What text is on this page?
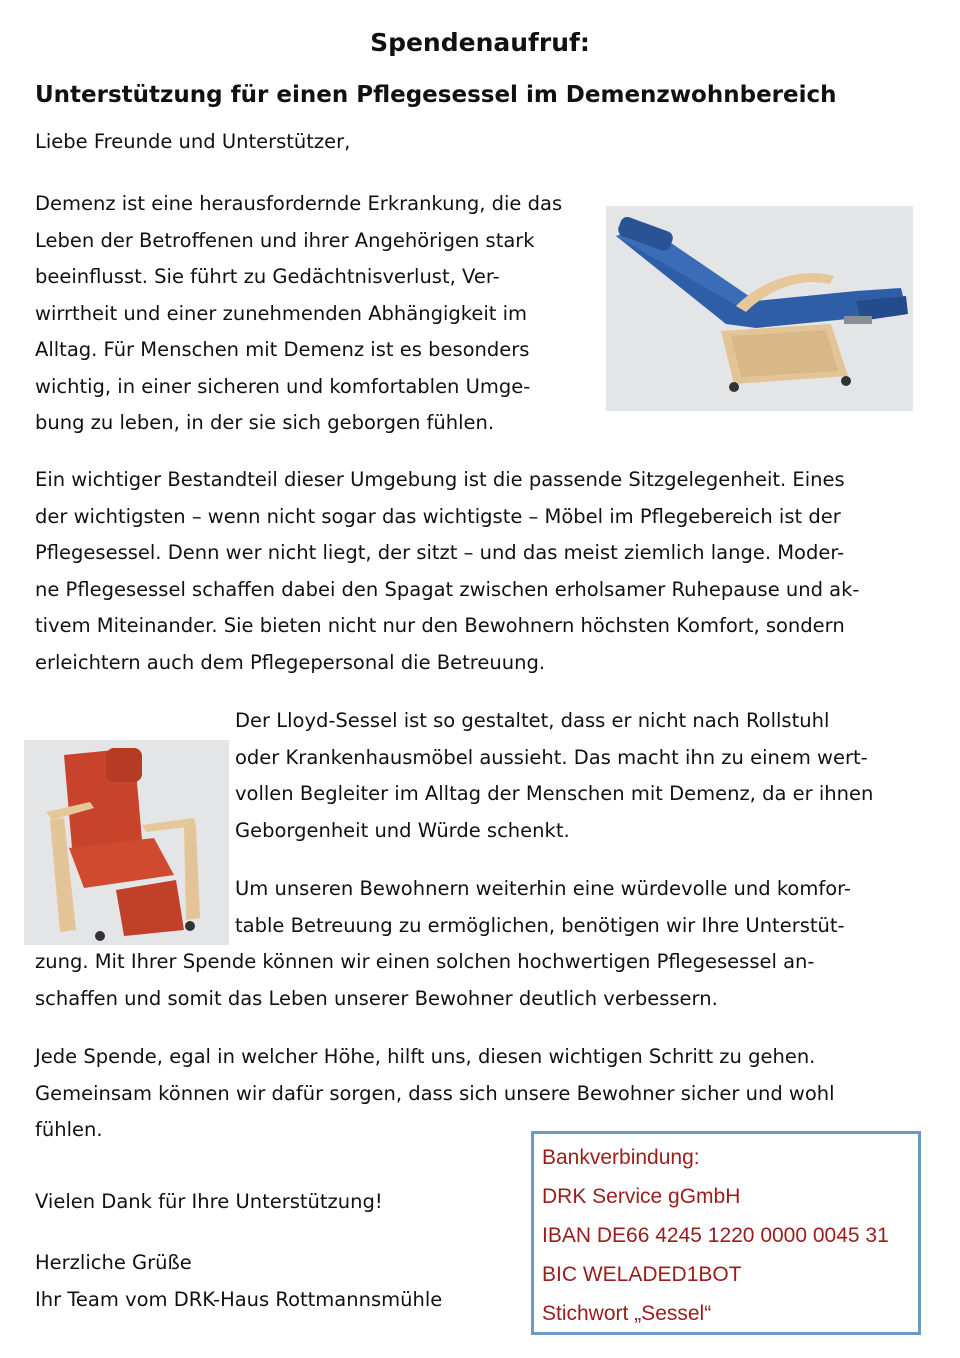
Spendenaufruf:
Unterstützung für einen Pflegesessel im Demenzwohnbereich
Liebe Freunde und Unterstützer,
Demenz ist eine herausfordernde Erkrankung, die das
Leben der Betroffenen und ihrer Angehörigen stark
beeinflusst. Sie führt zu Gedächtnisverlust, Ver-
wirrtheit und einer zunehmenden Abhängigkeit im
Alltag. Für Menschen mit Demenz ist es besonders
wichtig, in einer sicheren und komfortablen Umge-
bung zu leben, in der sie sich geborgen fühlen.
Ein wichtiger Bestandteil dieser Umgebung ist die passende Sitzgelegenheit. Eines
der wichtigsten – wenn nicht sogar das wichtigste – Möbel im Pflegebereich ist der
Pflegesessel. Denn wer nicht liegt, der sitzt – und das meist ziemlich lange. Moder-
ne Pflegesessel schaffen dabei den Spagat zwischen erholsamer Ruhepause und ak-
tivem Miteinander. Sie bieten nicht nur den Bewohnern höchsten Komfort, sondern
erleichtern auch dem Pflegepersonal die Betreuung.
Der Lloyd-Sessel ist so gestaltet, dass er nicht nach Rollstuhl
oder Krankenhausmöbel aussieht. Das macht ihn zu einem wert-
vollen Begleiter im Alltag der Menschen mit Demenz, da er ihnen
Geborgenheit und Würde schenkt.
Um unseren Bewohnern weiterhin eine würdevolle und komfor-
table Betreuung zu ermöglichen, benötigen wir Ihre Unterstüt-
zung. Mit Ihrer Spende können wir einen solchen hochwertigen Pflegesessel an-
schaffen und somit das Leben unserer Bewohner deutlich verbessern.
Jede Spende, egal in welcher Höhe, hilft uns, diesen wichtigen Schritt zu gehen.
Gemeinsam können wir dafür sorgen, dass sich unsere Bewohner sicher und wohl
fühlen.
Vielen Dank für Ihre Unterstützung!
Herzliche Grüße
Ihr Team vom DRK-Haus Rottmannsmühle
Bankverbindung:
DRK Service gGmbH
IBAN DE66 4245 1220 0000 0045 31
BIC WELADED1BOT
Stichwort „Sessel“
